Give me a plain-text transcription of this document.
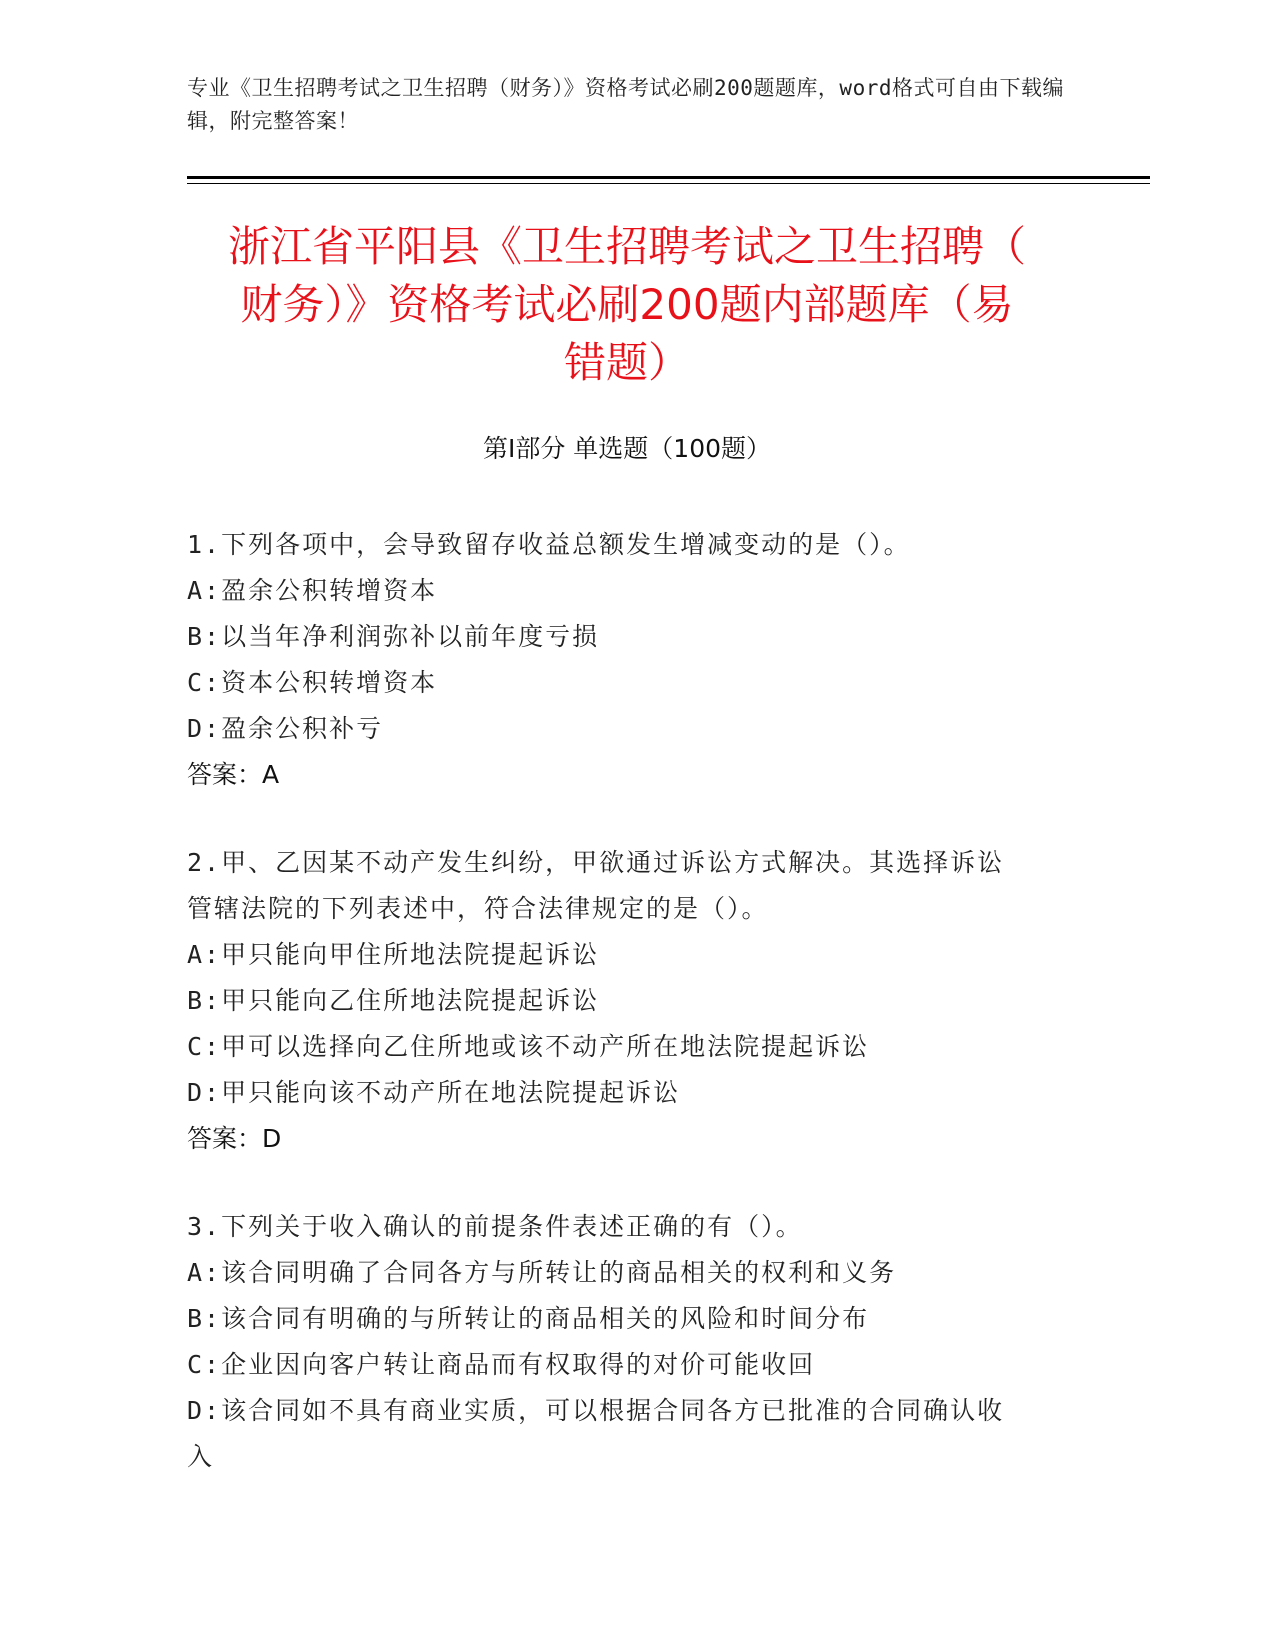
专业《卫生招聘考试之卫生招聘（财务）》资格考试必刷200题题库，word格式可自由下载编辑，附完整答案！
浙江省平阳县《卫生招聘考试之卫生招聘（
财务）》资格考试必刷200题内部题库（易
错题）
第I部分 单选题（100题）
1.下列各项中，会导致留存收益总额发生增减变动的是（）。
A:盈余公积转增资本
B:以当年净利润弥补以前年度亏损
C:资本公积转增资本
D:盈余公积补亏
答案：A
2.甲、乙因某不动产发生纠纷，甲欲通过诉讼方式解决。其选择诉讼
管辖法院的下列表述中，符合法律规定的是（）。
A:甲只能向甲住所地法院提起诉讼
B:甲只能向乙住所地法院提起诉讼
C:甲可以选择向乙住所地或该不动产所在地法院提起诉讼
D:甲只能向该不动产所在地法院提起诉讼
答案：D
3.下列关于收入确认的前提条件表述正确的有（）。
A:该合同明确了合同各方与所转让的商品相关的权利和义务
B:该合同有明确的与所转让的商品相关的风险和时间分布
C:企业因向客户转让商品而有权取得的对价可能收回
D:该合同如不具有商业实质，可以根据合同各方已批准的合同确认收
入
